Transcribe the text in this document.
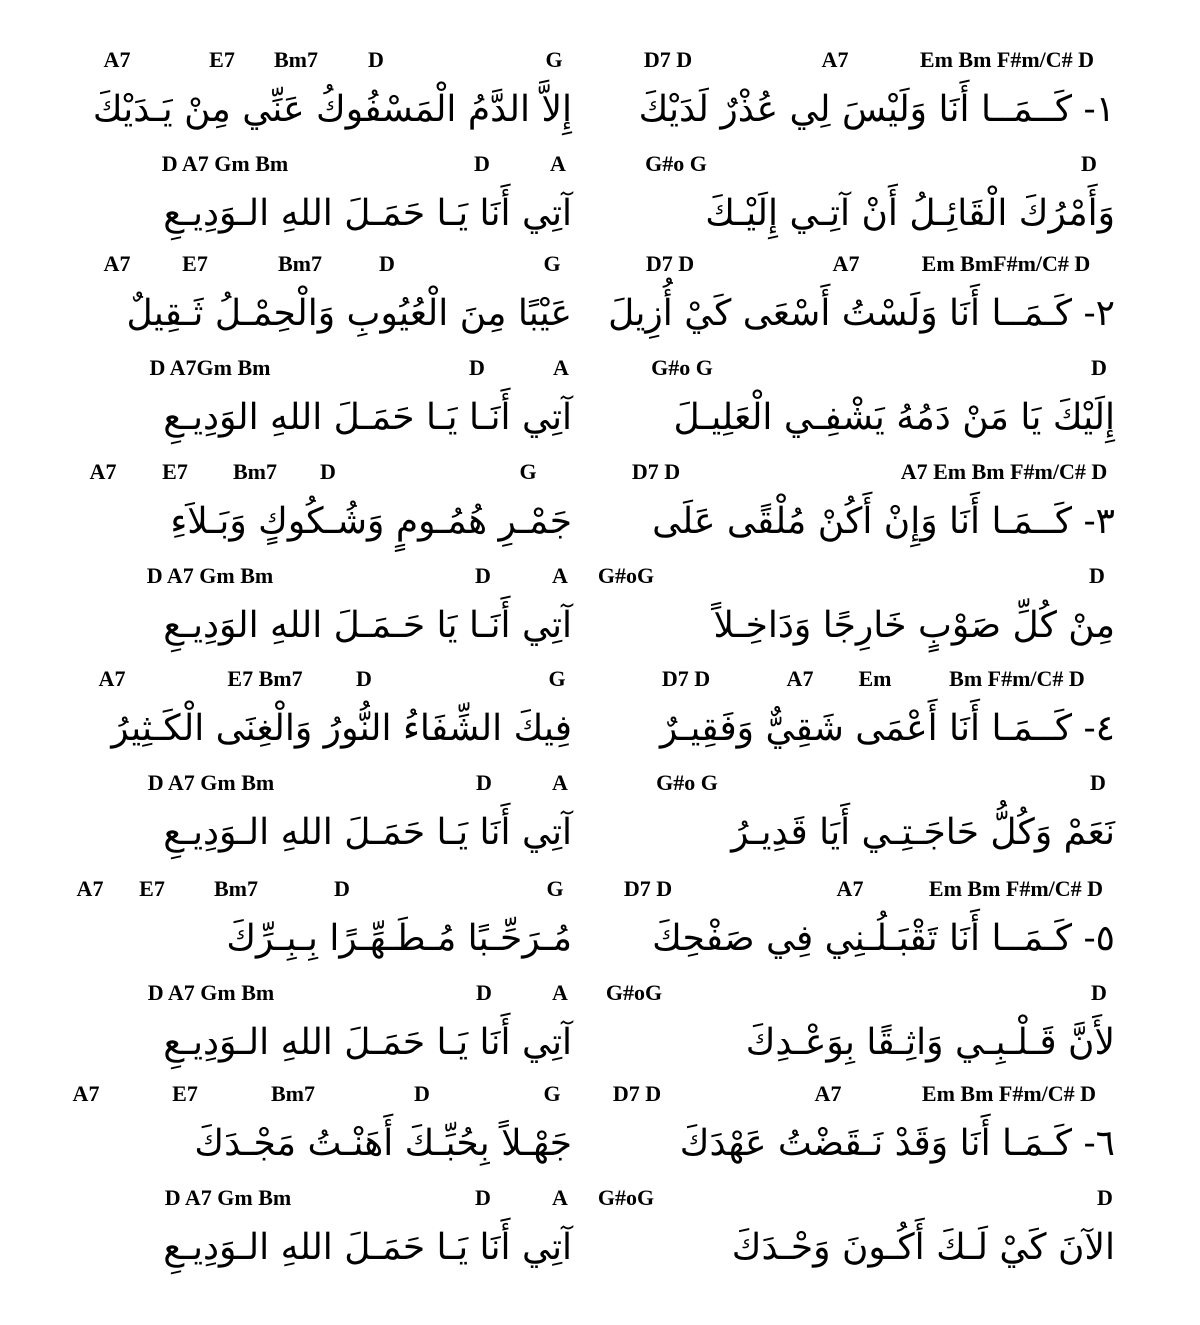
A7	E7 Bm7 D	G	D7 D	A7	Em Bm F#m/C# D
D A7 Gm Bm	D	A	G#o G	D
١- كَــمَــا أَنَا وَلَيْسَ لِي عُذْرٌ لَدَيْكَ
إِلاَّ الدَّمُ الْمَسْفُوكُ عَنِّي مِنْ يَـدَيْكَ
وَأَمْرُكَ الْقَائِـلُ أَنْ آتِـي إِلَيْـكَ
آتِي أَنَا يَـا حَمَـلَ اللهِ الـوَدِيـعِ
A7 E7	Bm7	D	G	D7 D	A7	Em BmF#m/C# D
D A7Gm Bm	D	A	G#o G	D
٢- كَـمَــا أَنَا وَلَسْتُ أَسْعَى كَيْ أُزِيلَ
عَيْبًا مِنَ الْعُيُوبِ وَالْحِمْـلُ ثَـقِيلٌ
إِلَيْكَ يَا مَنْ دَمُهُ يَشْفِـي الْعَلِيـلَ
آتِي أَنَـا يَـا حَمَـلَ اللهِ الوَدِيـعِ
A7 E7 Bm7 D	G	D7 D	A7 Em Bm F#m/C# D
D A7 Gm Bm	D	A G#oG	D
٣- كَــمَـا أَنَا وَإِنْ أَكُنْ مُلْقًى عَلَى
جَمْـرِ هُمُـومٍ وَشُـكُوكٍ وَبَـلاَءِ
مِنْ كُلِّ صَوْبٍ خَارِجًا وَدَاخِـلاً
آتِي أَنَـا يَا حَـمَـلَ اللهِ الوَدِيـعِ
A7	E7 Bm7 D	G	D7 D	A7 Em	Bm F#m/C# D
D A7 Gm Bm	D	A	G#o G	D
٤- كَــمَـا أَنَا أَعْمَى شَقِيٌّ وَفَقِيـرٌ
فِيكَ الشِّفَاءُ النُّورُ وَالْغِنَى الْكَـثِيرُ
نَعَمْ وَكُلُّ حَاجَـتِـي أَيَا قَدِيـرُ
آتِي أَنَا يَـا حَمَـلَ اللهِ الـوَدِيـعِ
A7 E7 Bm7	D	G	D7 D	A7	Em Bm F#m/C# D
D A7 Gm Bm	D	A G#oG	D
٥- كَـمَــا أَنَا تَقْبَـلُـنِي فِي صَفْحِكَ
مُـرَحِّـبًا مُـطَـهِّـرًا بِـبِـرِّكَ
لأَنَّ قَـلْـبِـي وَاثِـقًا بِوَعْـدِكَ
آتِي أَنَا يَـا حَمَـلَ اللهِ الـوَدِيـعِ
A7	E7	Bm7	D	G D7 D	A7	Em Bm F#m/C# D
D A7 Gm Bm	D	A G#oG	D
٦- كَـمَـا أَنَا وَقَدْ نَـقَضْتُ عَهْدَكَ
جَهْـلاً بِحُبِّـكَ أَهَنْـتُ مَجْـدَكَ
الآنَ كَيْ لَـكَ أَكُـونَ وَحْـدَكَ
آتِي أَنَا يَـا حَمَـلَ اللهِ الـوَدِيـعِ
